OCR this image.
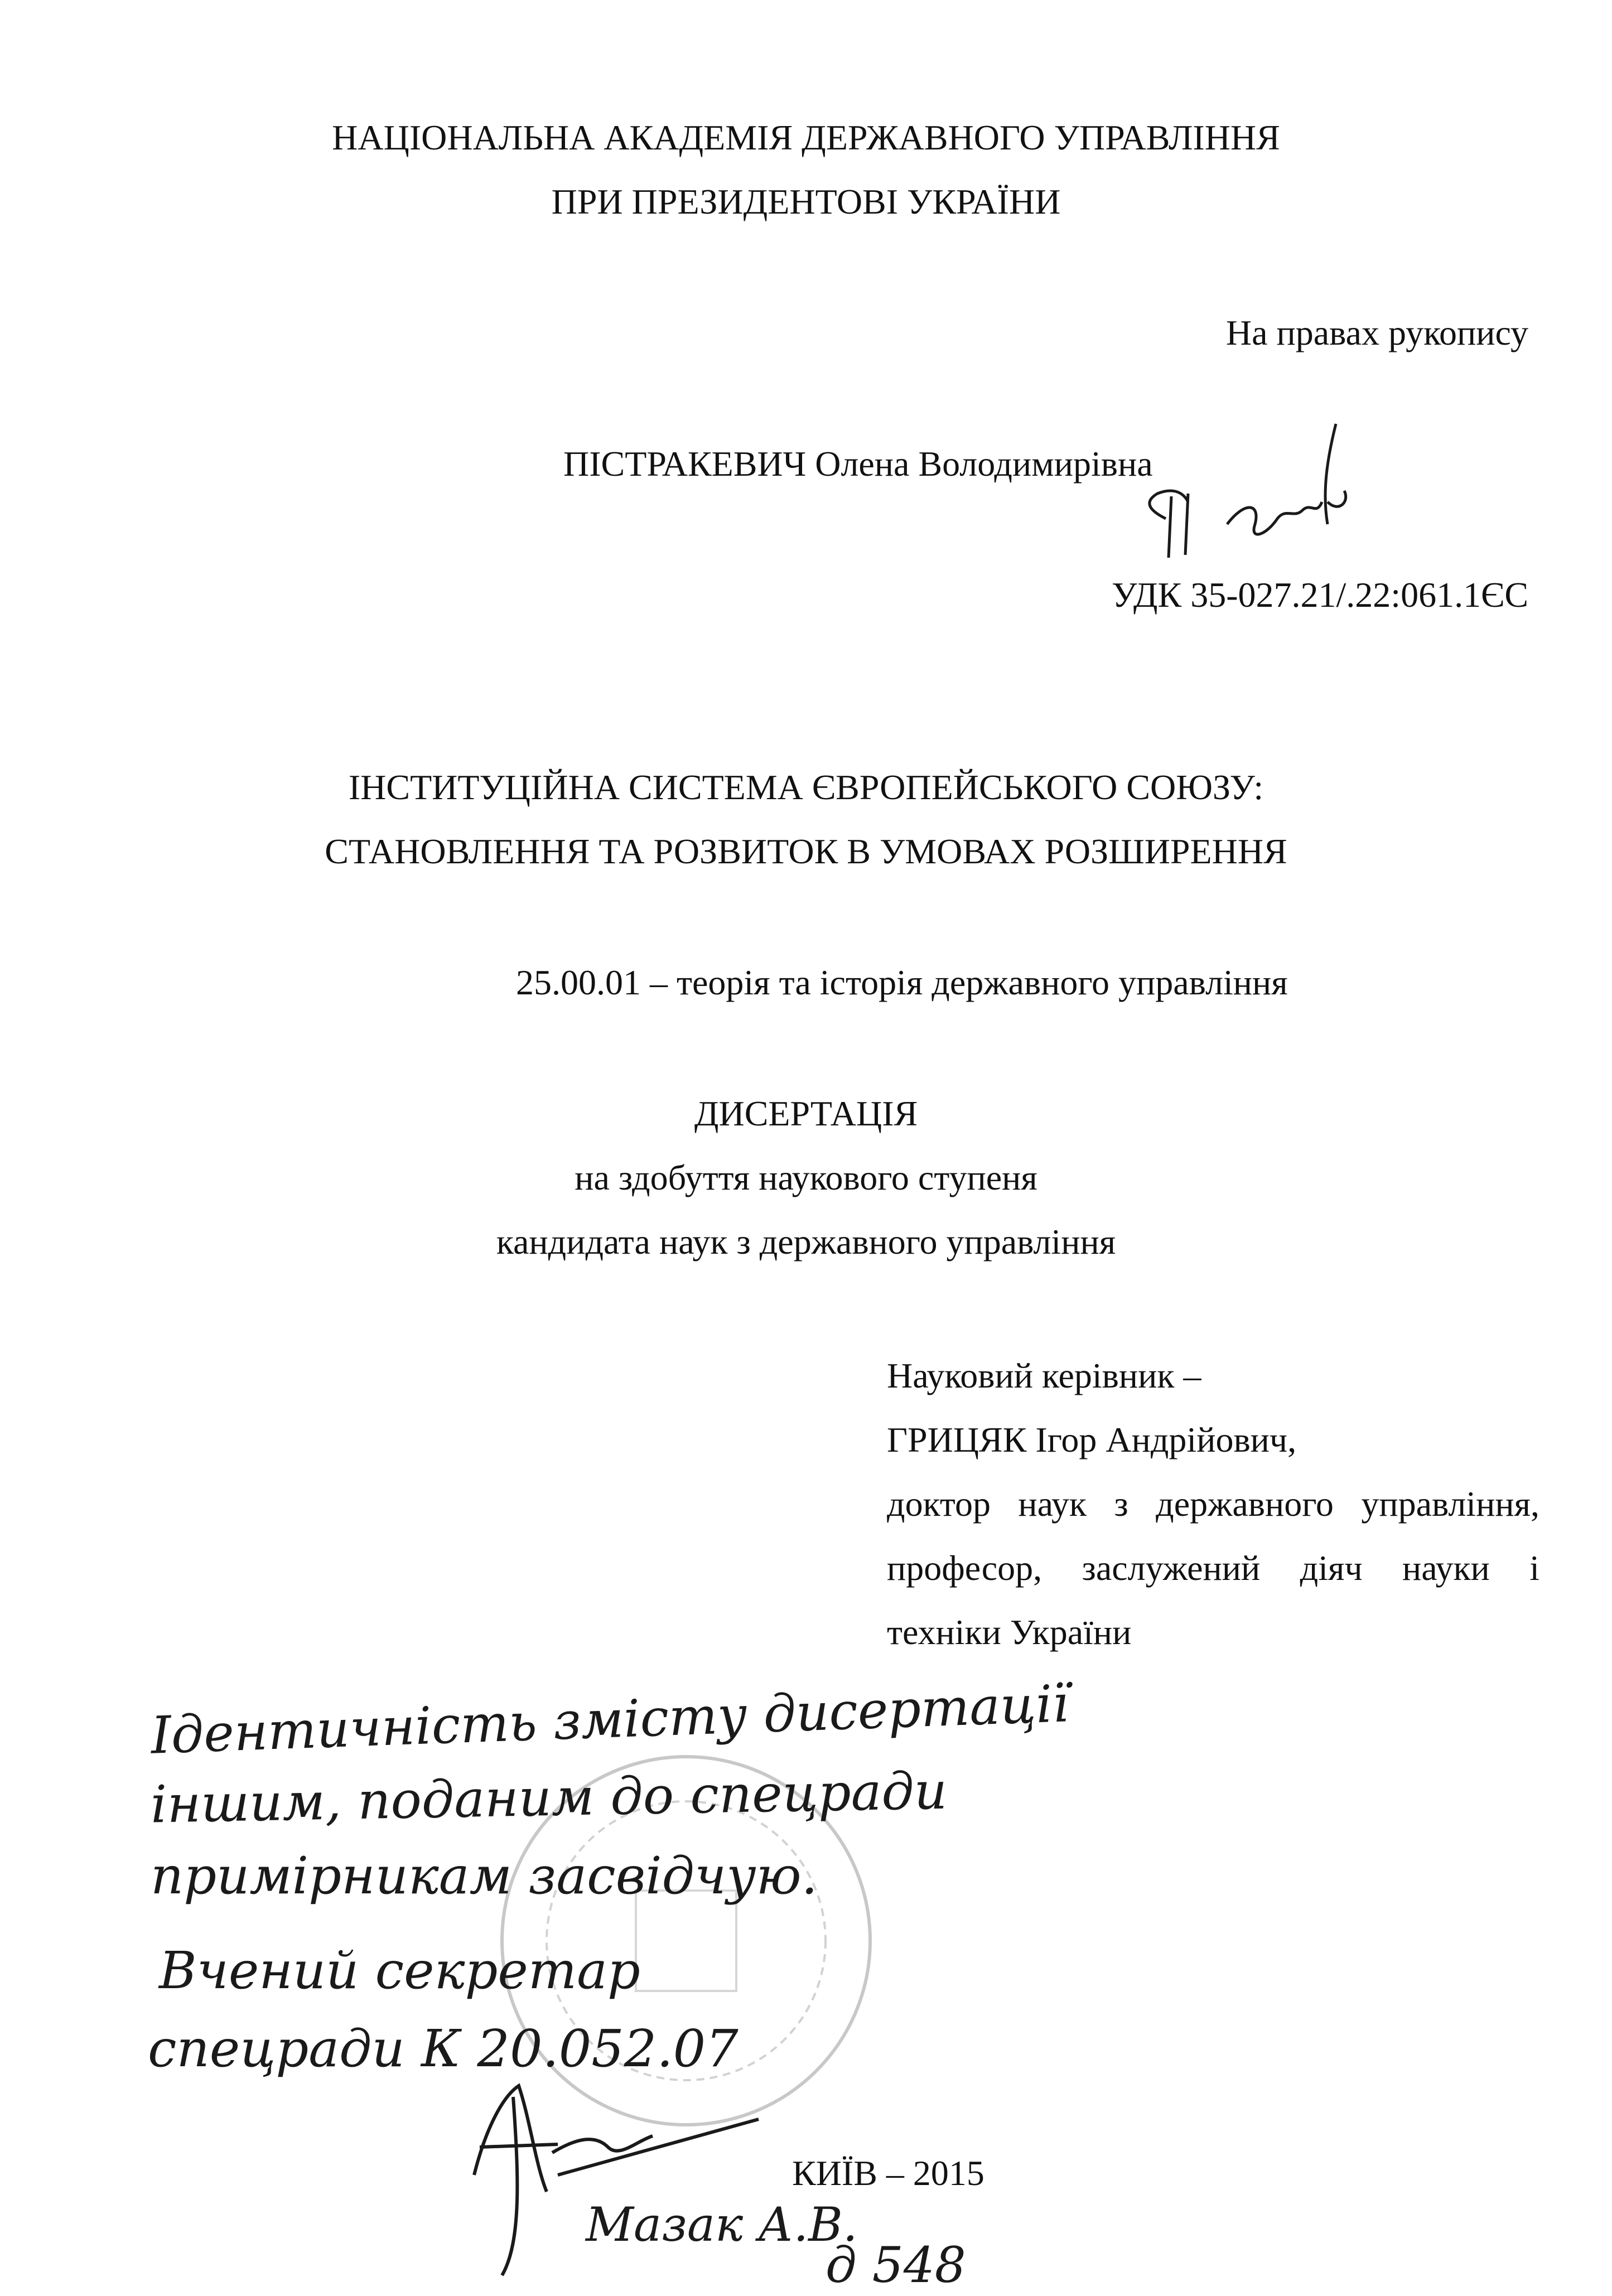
НАЦІОНАЛЬНА АКАДЕМІЯ ДЕРЖАВНОГО УПРАВЛІННЯ
ПРИ ПРЕЗИДЕНТОВІ УКРАЇНИ
На правах рукопису
ПІСТРАКЕВИЧ Олена Володимирівна
УДК 35-027.21/.22:061.1ЄС
ІНСТИТУЦІЙНА СИСТЕМА ЄВРОПЕЙСЬКОГО СОЮЗУ:
СТАНОВЛЕННЯ ТА РОЗВИТОК В УМОВАХ РОЗШИРЕННЯ
25.00.01 – теорія та історія державного управління
ДИСЕРТАЦІЯ
на здобуття наукового ступеня
кандидата наук з державного управління
Науковий керівник –
ГРИЦЯК Ігор Андрійович,
доктор наук з державного управління,
професор, заслужений діяч науки і
техніки України
Ідентичність змісту дисертації
іншим, поданим до спецради
примірникам засвідчую.
Вчений секретар
спецради К 20.052.07
КИЇВ – 2015
Мазак А.В.
д 548
